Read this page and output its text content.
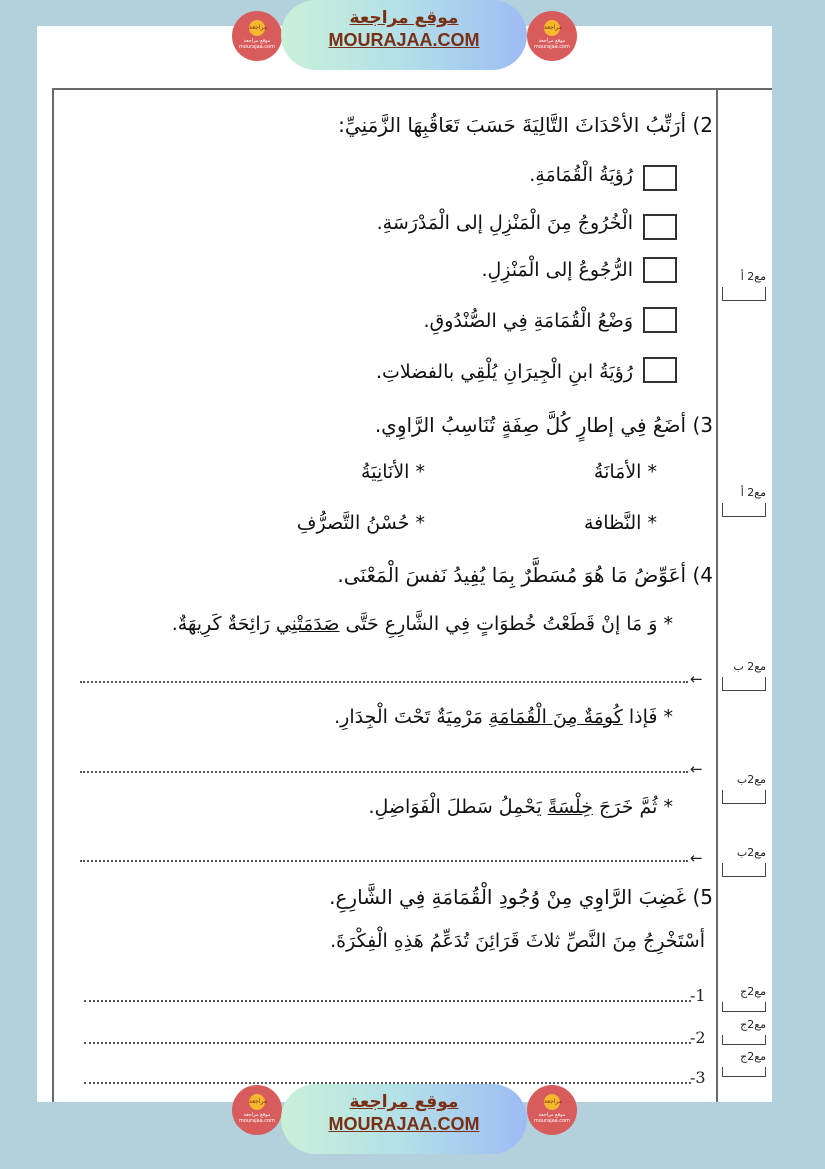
مراجعة
موقع مراجعة
mourajaa.com
موقع مراجعة
MOURAJAA.COM
مراجعة
موقع مراجعة
mourajaa.com
2) أرَتِّبُ الأحْدَاثَ التَّالِيَةَ حَسَبَ تَعَاقُبِهَا الزَّمَنِيِّ:
رُؤيَةُ الْقُمَامَةِ.
الْخُرُوجُ مِنَ الْمَنْزِلِ إلى الْمَدْرَسَةِ.
الرُّجُوعُ إلى الْمَنْزِلِ.
وَضْعُ الْقُمَامَةِ فِي الصُّنْدُوقِ.
رُؤيَةُ ابنِ الْجِيرَانِ يُلْقِي بالفضلاتِ.
مع2 أ
3) أضَعُ فِي إطارٍ كُلَّ صِفَةٍ تُنَاسِبُ الرَّاوِي.
* الأمَانَةُ
* الأنَانِيَةُ
* النَّظافة
* حُسْنُ التَّصرُّفِ
مع2 أ
4) أعَوِّضُ مَا هُوَ مُسَطَّرٌ بِمَا يُفِيدُ نَفسَ الْمَعْنَى.
* وَ مَا إنْ قَطَعْتُ خُطوَاتٍ فِي الشَّارِعِ حَتَّى صَدَمَتْنِي رَائِحَةٌ كَرِيهَةٌ.
←
مع2 ب
* فَإذا كُومَةٌ مِنَ الْقُمَامَةِ مَرْمِيَةٌ تَحْتَ الْجِدَارِ.
←
مع2ب
* ثُمَّ خَرَجَ خِلْسَةً يَحْمِلُ سَطلَ الْفَوَاضِلِ.
←	مع2ب
5) غَضِبَ الرَّاوِي مِنْ وُجُودِ الْقُمَامَةِ فِي الشَّارِعِ.
أسْتَخْرِجُ مِنَ النَّصِّ ثلاثَ قَرَائِنَ تُدَعِّمُ هَذِهِ الْفِكْرَةَ.
-1
-2
-3
مع2ج
مع2ج
مع2ج
مراجعة
موقع مراجعة
mourajaa.com
موقع مراجعة
MOURAJAA.COM
مراجعة
موقع مراجعة
mourajaa.com
